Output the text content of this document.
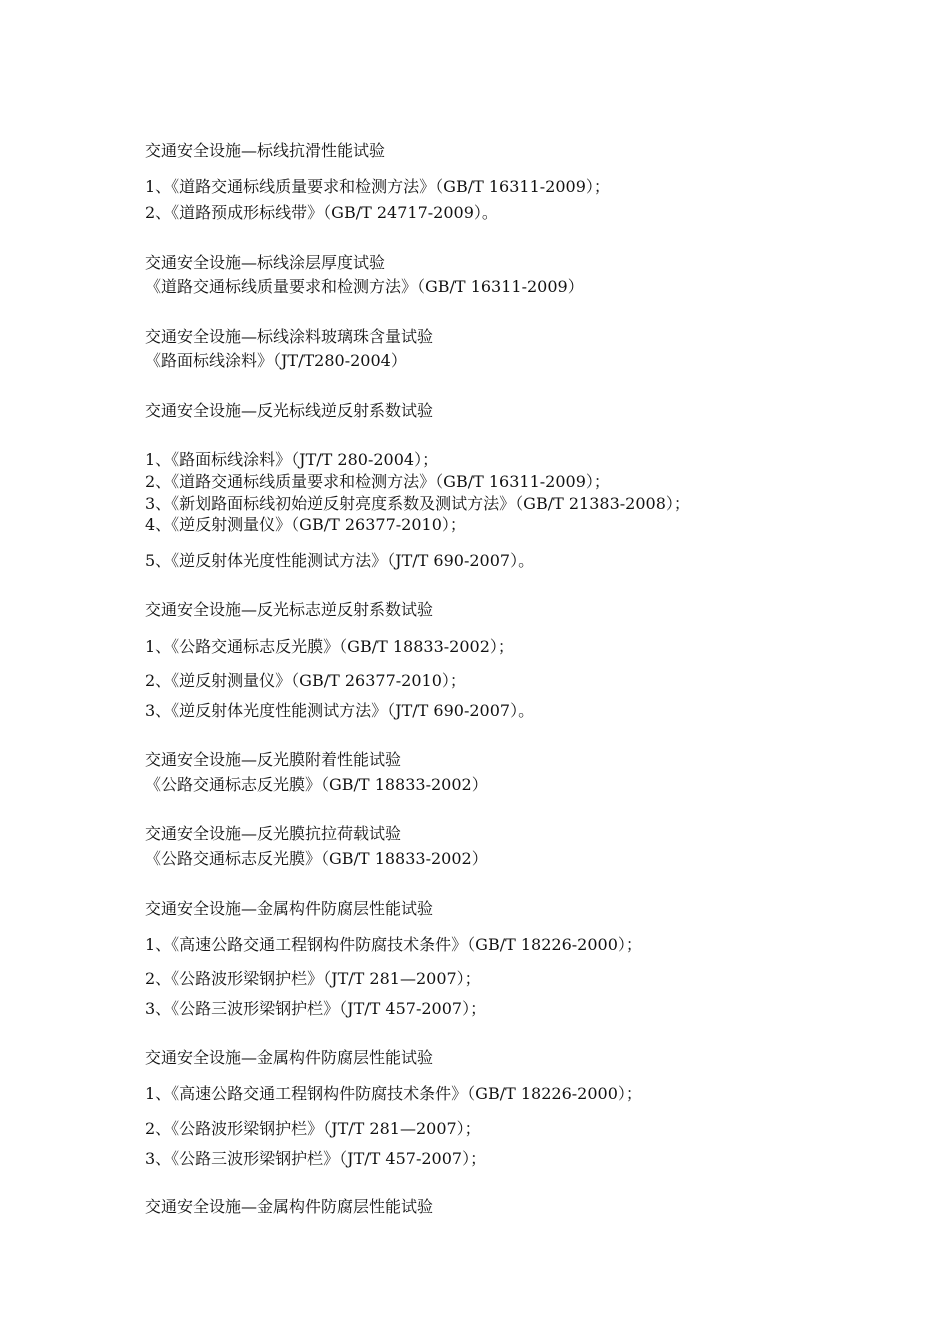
交通安全设施—标线抗滑性能试验
1、《道路交通标线质量要求和检测方法》（GB/T 16311-2009）；
2、《道路预成形标线带》（GB/T 24717-2009）。
交通安全设施—标线涂层厚度试验
《道路交通标线质量要求和检测方法》（GB/T 16311-2009）
交通安全设施—标线涂料玻璃珠含量试验
《路面标线涂料》（JT/T280-2004）
交通安全设施—反光标线逆反射系数试验
1、《路面标线涂料》（JT/T 280-2004）；
2、《道路交通标线质量要求和检测方法》（GB/T 16311-2009）；
3、《新划路面标线初始逆反射亮度系数及测试方法》（GB/T 21383-2008）；
4、《逆反射测量仪》（GB/T 26377-2010）；
5、《逆反射体光度性能测试方法》（JT/T 690-2007）。
交通安全设施—反光标志逆反射系数试验
1、《公路交通标志反光膜》（GB/T 18833-2002）；
2、《逆反射测量仪》（GB/T 26377-2010）；
3、《逆反射体光度性能测试方法》（JT/T 690-2007）。
交通安全设施—反光膜附着性能试验
《公路交通标志反光膜》（GB/T 18833-2002）
交通安全设施—反光膜抗拉荷载试验
《公路交通标志反光膜》（GB/T 18833-2002）
交通安全设施—金属构件防腐层性能试验
1、《高速公路交通工程钢构件防腐技术条件》（GB/T 18226-2000）；
2、《公路波形梁钢护栏》（JT/T 281—2007）；
3、《公路三波形梁钢护栏》（JT/T 457-2007）；
交通安全设施—金属构件防腐层性能试验
1、《高速公路交通工程钢构件防腐技术条件》（GB/T 18226-2000）；
2、《公路波形梁钢护栏》（JT/T 281—2007）；
3、《公路三波形梁钢护栏》（JT/T 457-2007）；
交通安全设施—金属构件防腐层性能试验
